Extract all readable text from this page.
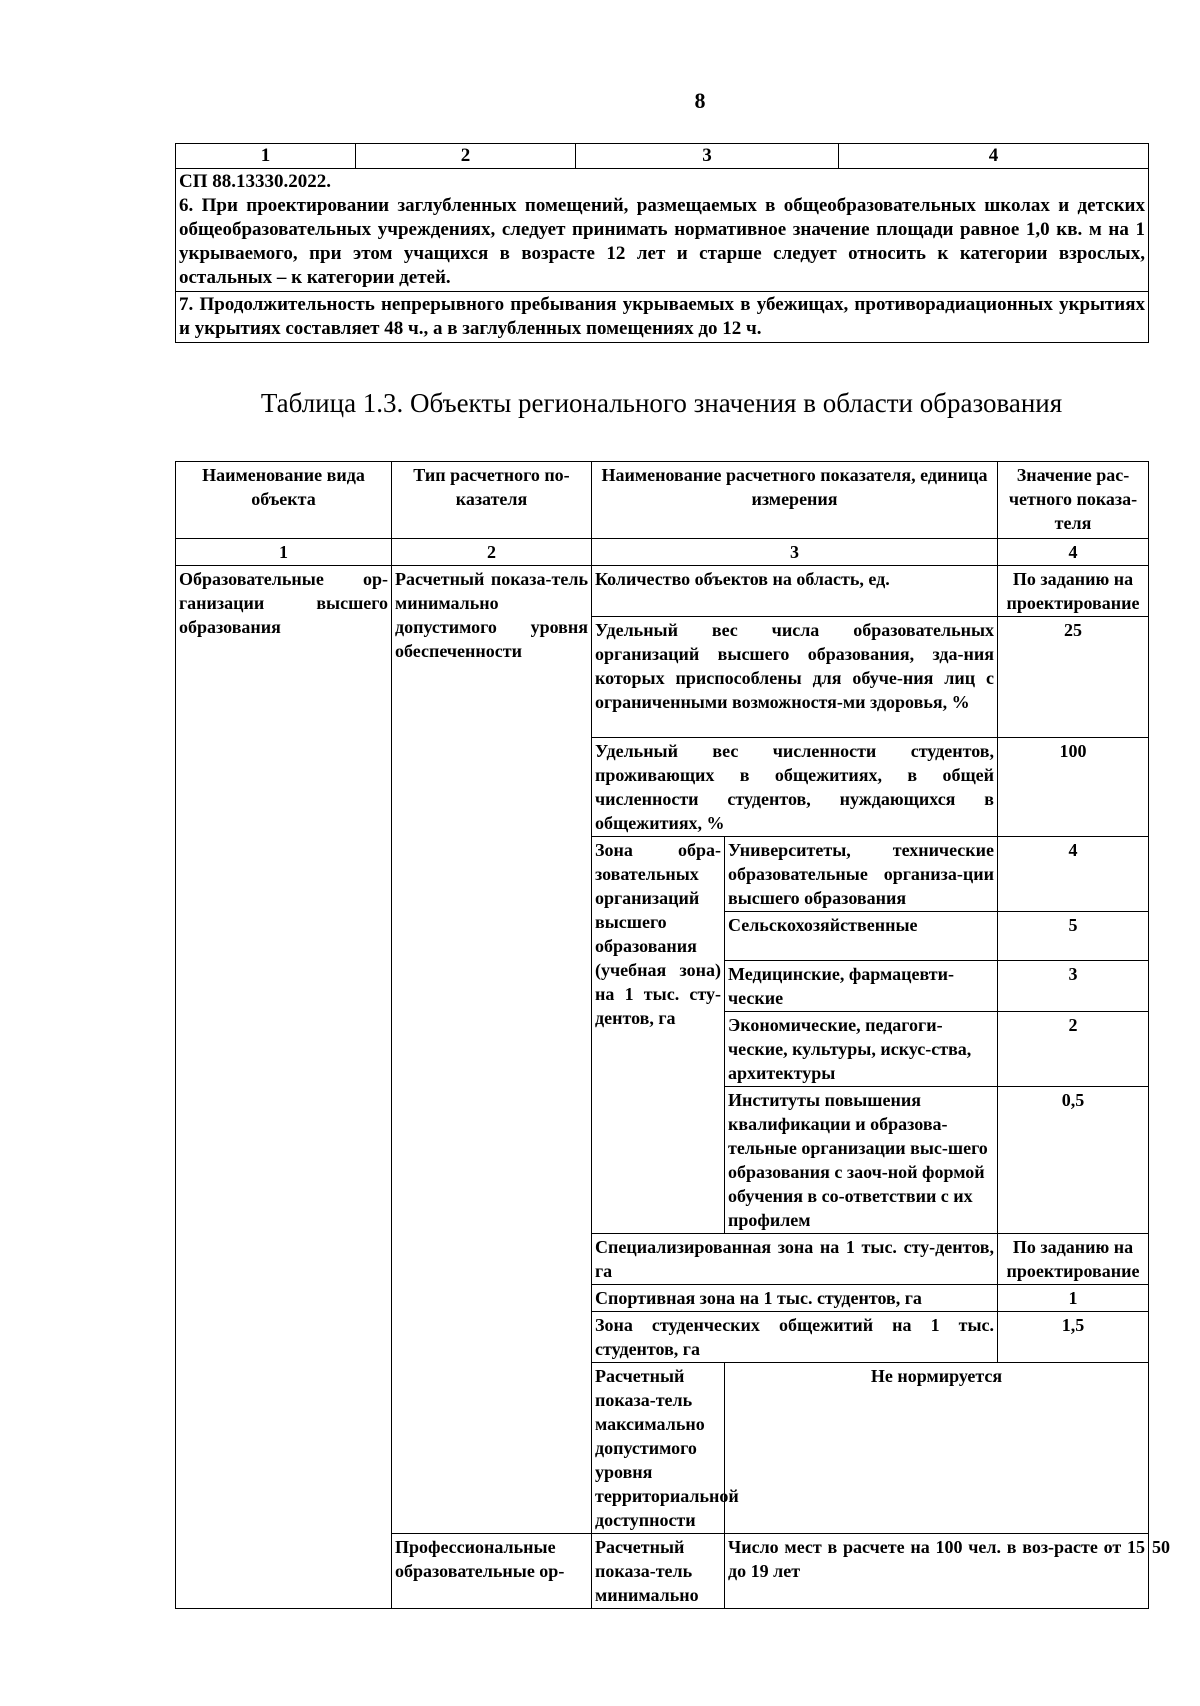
8
1	2	3	4

СП 88.13330.2022.

6. При проектировании заглубленных помещений, размещаемых в общеобразовательных школах и детских общеобразовательных учреждениях, следует принимать нормативное значение площади равное 1,0 кв. м на 1 укрываемого, при этом учащихся в возрасте 12 лет и старше следует относить к категории взрослых, остальных – к категории детей.

7. Продолжительность непрерывного пребывания укрываемых в убежищах, противорадиационных укрытиях и укрытиях составляет 48 ч., а в заглубленных помещениях до 12 ч.
Таблица 1.3. Объекты регионального значения в области образования
Наименование вида объекта	Тип расчетного по-казателя	Наименование расчетного показателя, единица измерения		Значение рас-четного показа-теля	
1	2	3		4	
Образовательные ор-ганизации высшего образования	Расчетный показа-тель минимально допустимого уровня обеспеченности	Количество объектов на область, ед.		По заданию на проектирование	
		Удельный вес числа образовательных организаций высшего образования, зда-ния которых приспособлены для обуче-ния лиц с ограниченными возможностя-ми здоровья, %		25	
		Удельный вес численности студентов, проживающих в общежитиях, в общей численности студентов, нуждающихся в общежитиях, %		100	
		Зона обра-зовательных организаций высшего образования (учебная зона) на 1 тыс. сту-дентов, га	Университеты, технические образовательные организа-ции высшего образования	4	
			Сельскохозяйственные	5	
			Медицинские, фармацевти-ческие	3	
			Экономические, педагоги-ческие, культуры, искус-ства, архитектуры	2	
			Институты повышения квалификации и образова-тельные организации выс-шего образования с заоч-ной формой обучения в со-ответствии с их профилем	0,5	
		Специализированная зона на 1 тыс. сту-дентов, га		По заданию на проектирование	
		Спортивная зона на 1 тыс. студентов, га		1	
		Зона студенческих общежитий на 1 тыс. студентов, га		1,5	
		Расчетный показа-тель максимально допустимого уровня территориальной доступности	Не нормируется		
	Профессиональные образовательные ор-	Расчетный показа-тель минимально	Число мест в расчете на 100 чел. в воз-расте от 15 до 19 лет		50
